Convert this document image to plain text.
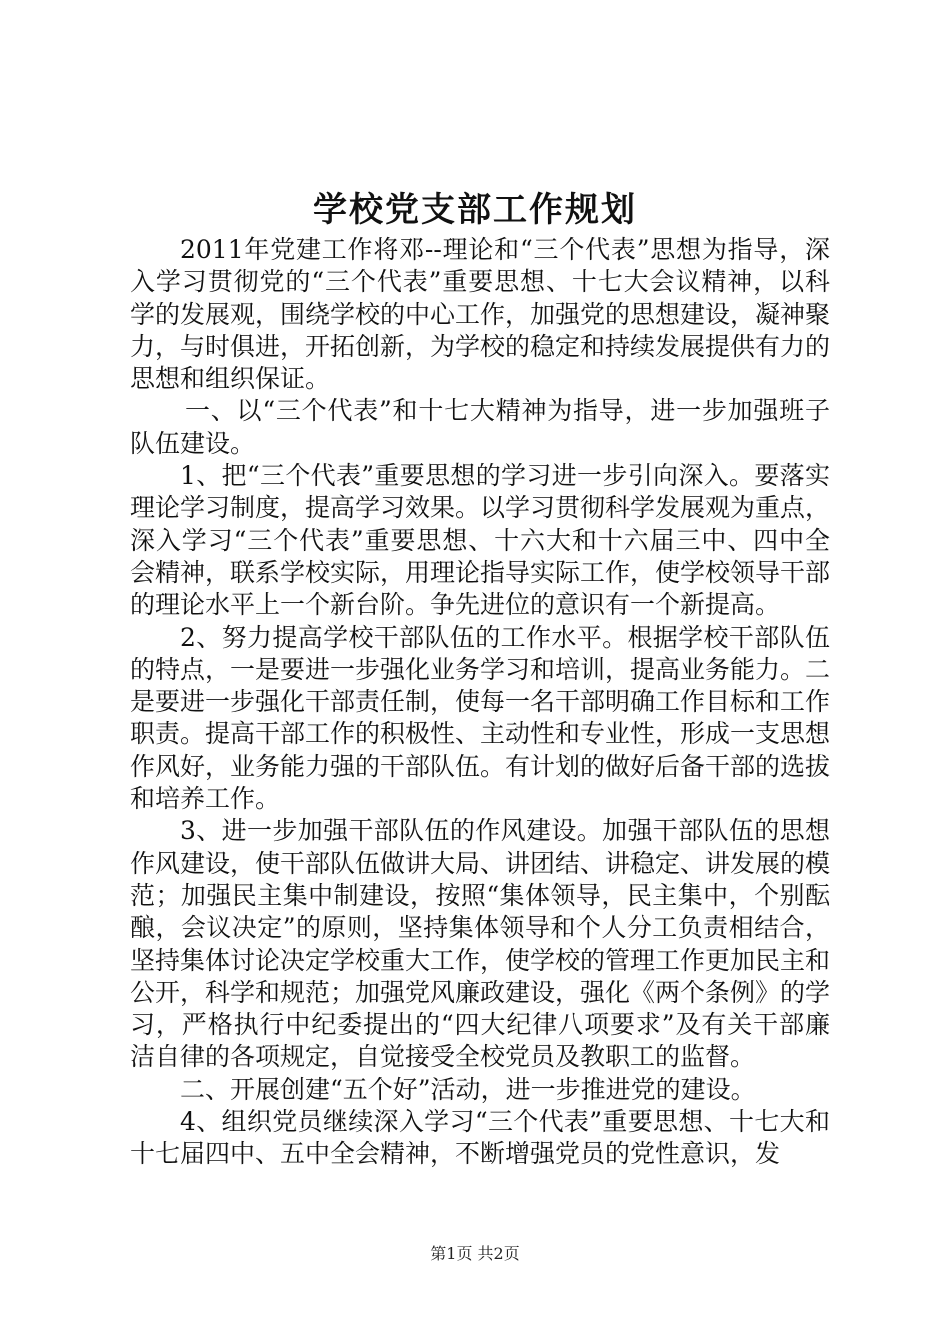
学校党支部工作规划

2011年党建工作将邓--理论和“三个代表”思想为指导，深入学习贯彻党的“三个代表”重要思想、十七大会议精神，以科学的发展观，围绕学校的中心工作，加强党的思想建设，凝神聚力，与时俱进，开拓创新，为学校的稳定和持续发展提供有力的思想和组织保证。

一、以“三个代表”和十七大精神为指导，进一步加强班子队伍建设。

1、把“三个代表”重要思想的学习进一步引向深入。要落实理论学习制度，提高学习效果。以学习贯彻科学发展观为重点，深入学习“三个代表”重要思想、十六大和十六届三中、四中全会精神，联系学校实际，用理论指导实际工作，使学校领导干部的理论水平上一个新台阶。争先进位的意识有一个新提高。

2、努力提高学校干部队伍的工作水平。根据学校干部队伍的特点，一是要进一步强化业务学习和培训，提高业务能力。二是要进一步强化干部责任制，使每一名干部明确工作目标和工作职责。提高干部工作的积极性、主动性和专业性，形成一支思想作风好，业务能力强的干部队伍。有计划的做好后备干部的选拔和培养工作。

3、进一步加强干部队伍的作风建设。加强干部队伍的思想作风建设，使干部队伍做讲大局、讲团结、讲稳定、讲发展的模范；加强民主集中制建设，按照“集体领导，民主集中，个别酝酿，会议决定”的原则，坚持集体领导和个人分工负责相结合，坚持集体讨论决定学校重大工作，使学校的管理工作更加民主和公开，科学和规范；加强党风廉政建设，强化《两个条例》的学习，严格执行中纪委提出的“四大纪律八项要求”及有关干部廉洁自律的各项规定，自觉接受全校党员及教职工的监督。

二、开展创建“五个好”活动，进一步推进党的建设。

4、组织党员继续深入学习“三个代表”重要思想、十七大和十七届四中、五中全会精神，不断增强党员的党性意识，发

第1页 共2页
